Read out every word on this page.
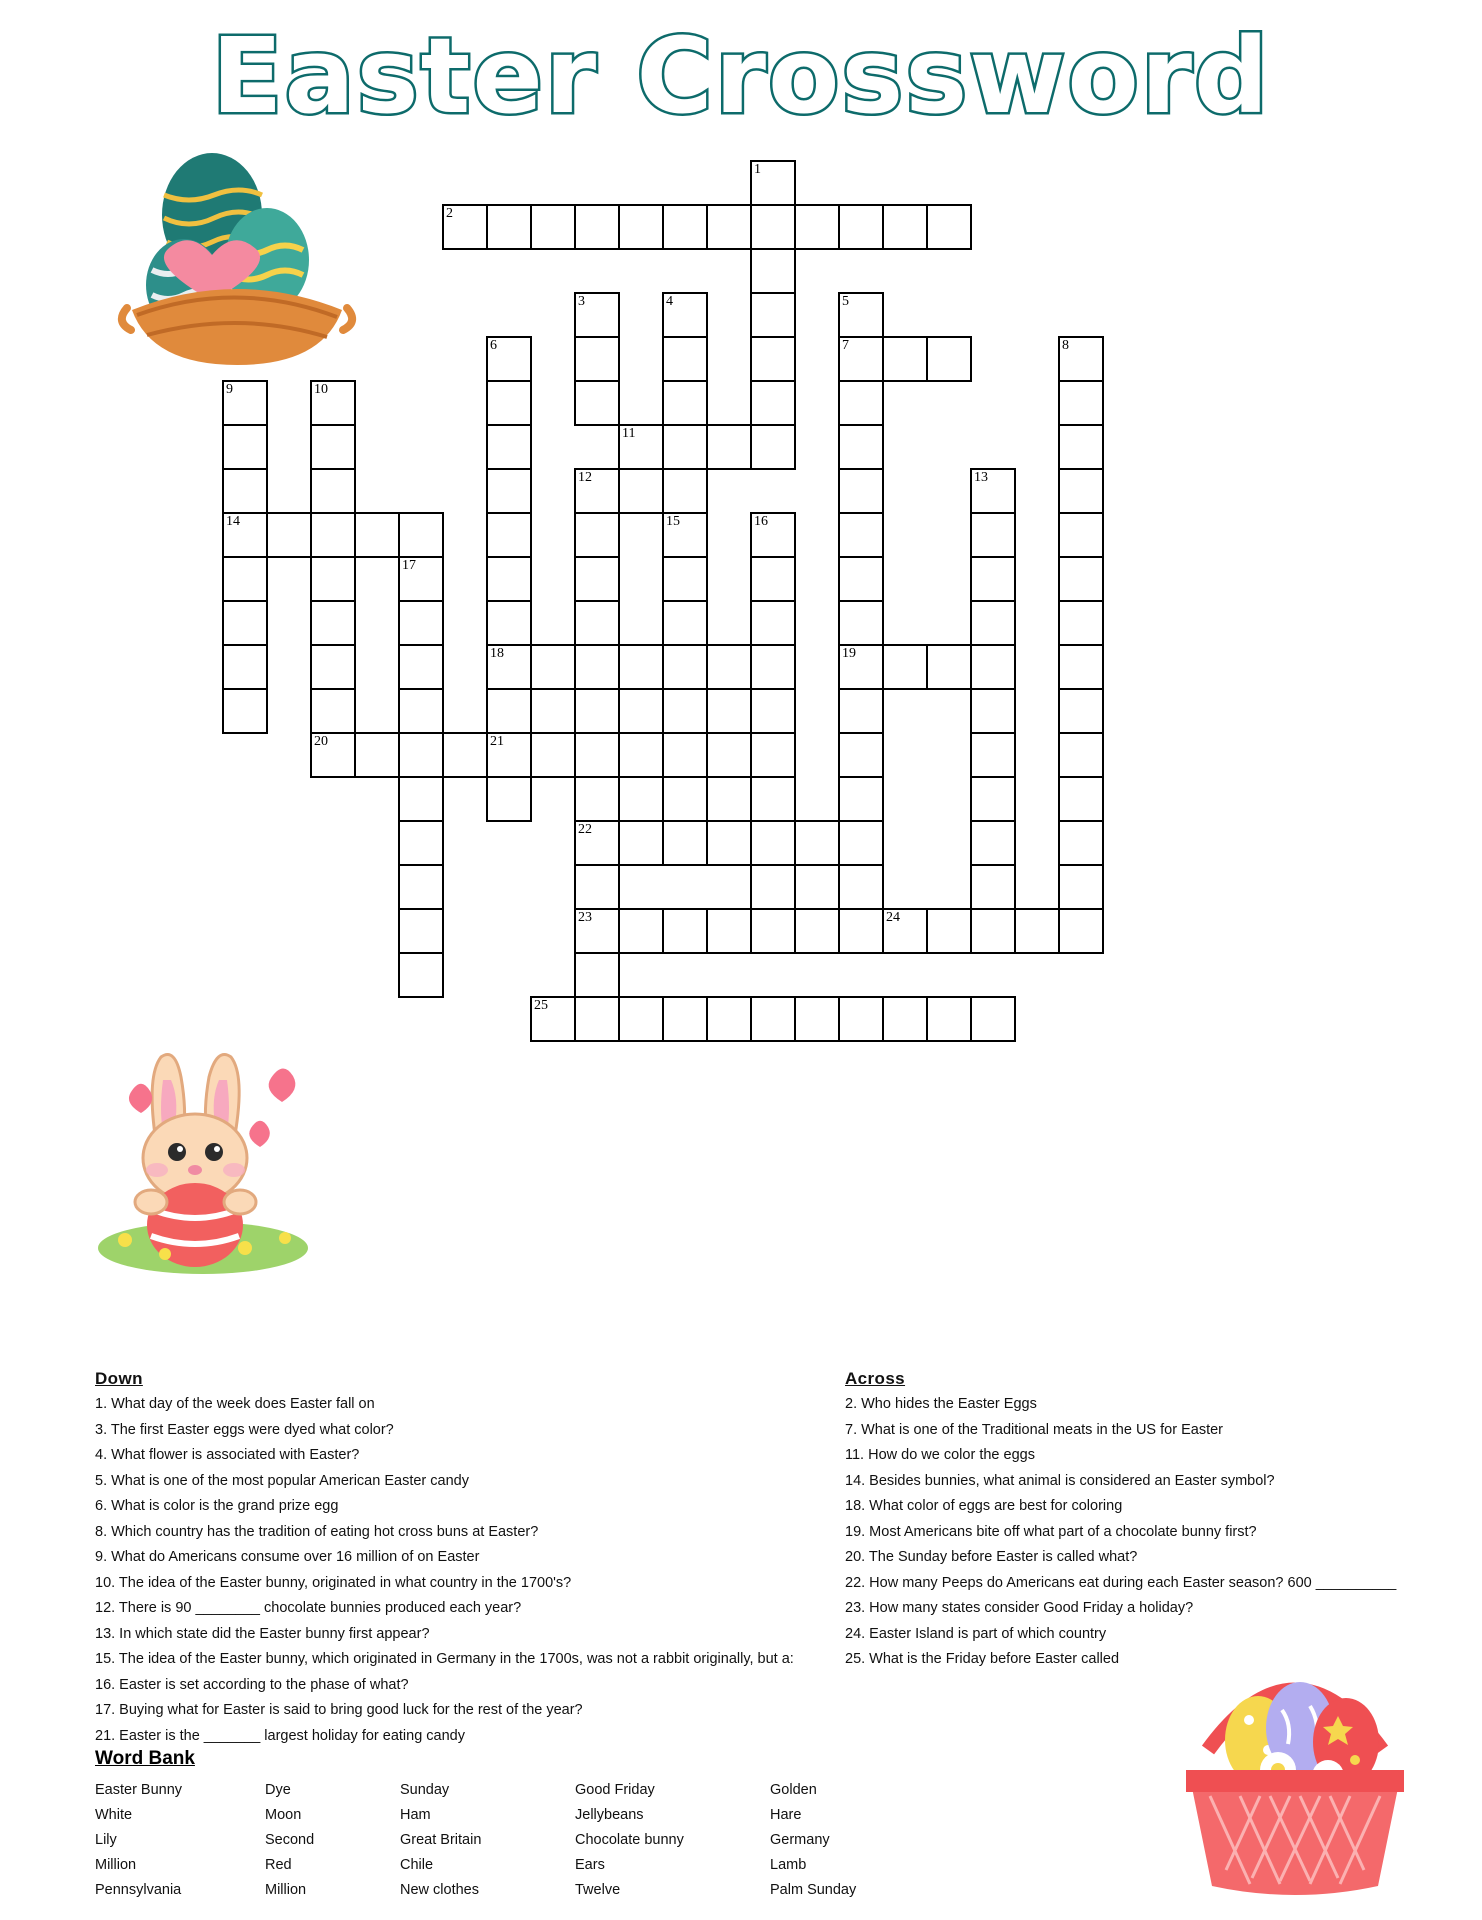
Easter Crossword
1
2
3	4	5
6	7	8
9	10
11
12	13
14	15	16
17
18	19
20	21
22
23	24
25
Down
1. What day of the week does Easter fall on
3. The first Easter eggs were dyed what color?
4. What flower is associated with Easter?
5. What is one of the most popular American Easter candy
6. What is color is the grand prize egg
8. Which country has the tradition of eating hot cross buns at Easter?
9. What do Americans consume over 16 million of on Easter
10. The idea of the Easter bunny, originated in what country in the 1700's?
12. There is 90 ________ chocolate bunnies produced each year?
13. In which state did the Easter bunny first appear?
15. The idea of the Easter bunny, which originated in Germany in the 1700s, was not a rabbit originally, but a:
16. Easter is set according to the phase of what?
17. Buying what for Easter is said to bring good luck for the rest of the year?
21. Easter is the _______ largest holiday for eating candy
Across
2. Who hides the Easter Eggs
7. What is one of the Traditional meats in the US for Easter
11. How do we color the eggs
14. Besides bunnies, what animal is considered an Easter symbol?
18. What color of eggs are best for coloring
19. Most Americans bite off what part of a chocolate bunny first?
20. The Sunday before Easter is called what?
22. How many Peeps do Americans eat during each Easter season? 600 __________
23. How many states consider Good Friday a holiday?
24. Easter Island is part of which country
25. What is the Friday before Easter called
Word Bank
Easter Bunny	Dye	Sunday	Good Friday	Golden
White	Moon	Ham	Jellybeans	Hare
Lily	Second	Great Britain	Chocolate bunny	Germany
Million	Red	Chile	Ears	Lamb
Pennsylvania	Million	New clothes	Twelve	Palm Sunday
